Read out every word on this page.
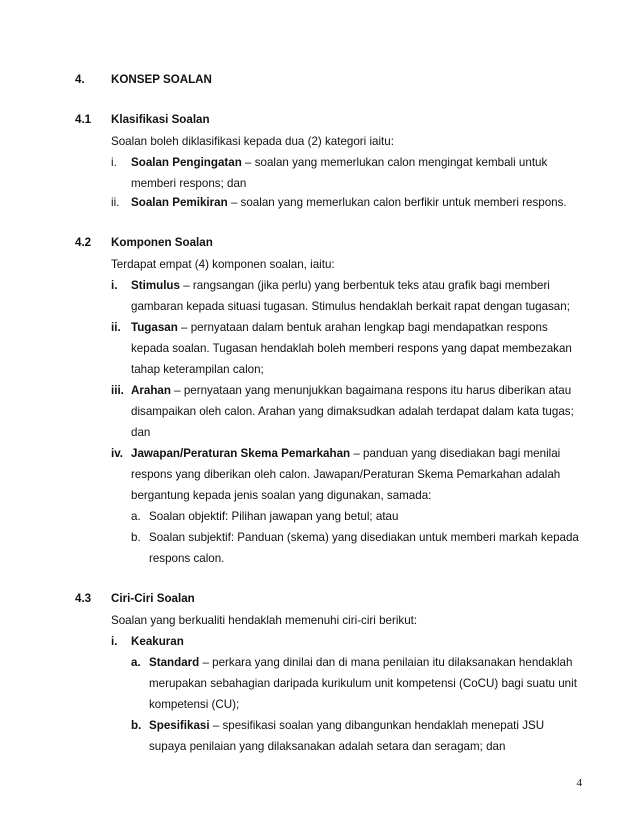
4. KONSEP SOALAN
4.1 Klasifikasi Soalan
Soalan boleh diklasifikasi kepada dua (2) kategori iaitu:
i. Soalan Pengingatan – soalan yang memerlukan calon mengingat kembali untuk
memberi respons; dan
ii. Soalan Pemikiran – soalan yang memerlukan calon berfikir untuk memberi respons.
4.2 Komponen Soalan
Terdapat empat (4) komponen soalan, iaitu:
i. Stimulus – rangsangan (jika perlu) yang berbentuk teks atau grafik bagi memberi
gambaran kepada situasi tugasan. Stimulus hendaklah berkait rapat dengan tugasan;
ii. Tugasan – pernyataan dalam bentuk arahan lengkap bagi mendapatkan respons
kepada soalan. Tugasan hendaklah boleh memberi respons yang dapat membezakan
tahap keterampilan calon;
iii. Arahan – pernyataan yang menunjukkan bagaimana respons itu harus diberikan atau
disampaikan oleh calon. Arahan yang dimaksudkan adalah terdapat dalam kata tugas;
dan
iv. Jawapan/Peraturan Skema Pemarkahan – panduan yang disediakan bagi menilai
respons yang diberikan oleh calon. Jawapan/Peraturan Skema Pemarkahan adalah
bergantung kepada jenis soalan yang digunakan, samada:
a. Soalan objektif: Pilihan jawapan yang betul; atau
b. Soalan subjektif: Panduan (skema) yang disediakan untuk memberi markah kepada
respons calon.
4.3 Ciri-Ciri Soalan
Soalan yang berkualiti hendaklah memenuhi ciri-ciri berikut:
i. Keakuran
a. Standard – perkara yang dinilai dan di mana penilaian itu dilaksanakan hendaklah
merupakan sebahagian daripada kurikulum unit kompetensi (CoCU) bagi suatu unit
kompetensi (CU);
b. Spesifikasi – spesifikasi soalan yang dibangunkan hendaklah menepati JSU
supaya penilaian yang dilaksanakan adalah setara dan seragam; dan
4
